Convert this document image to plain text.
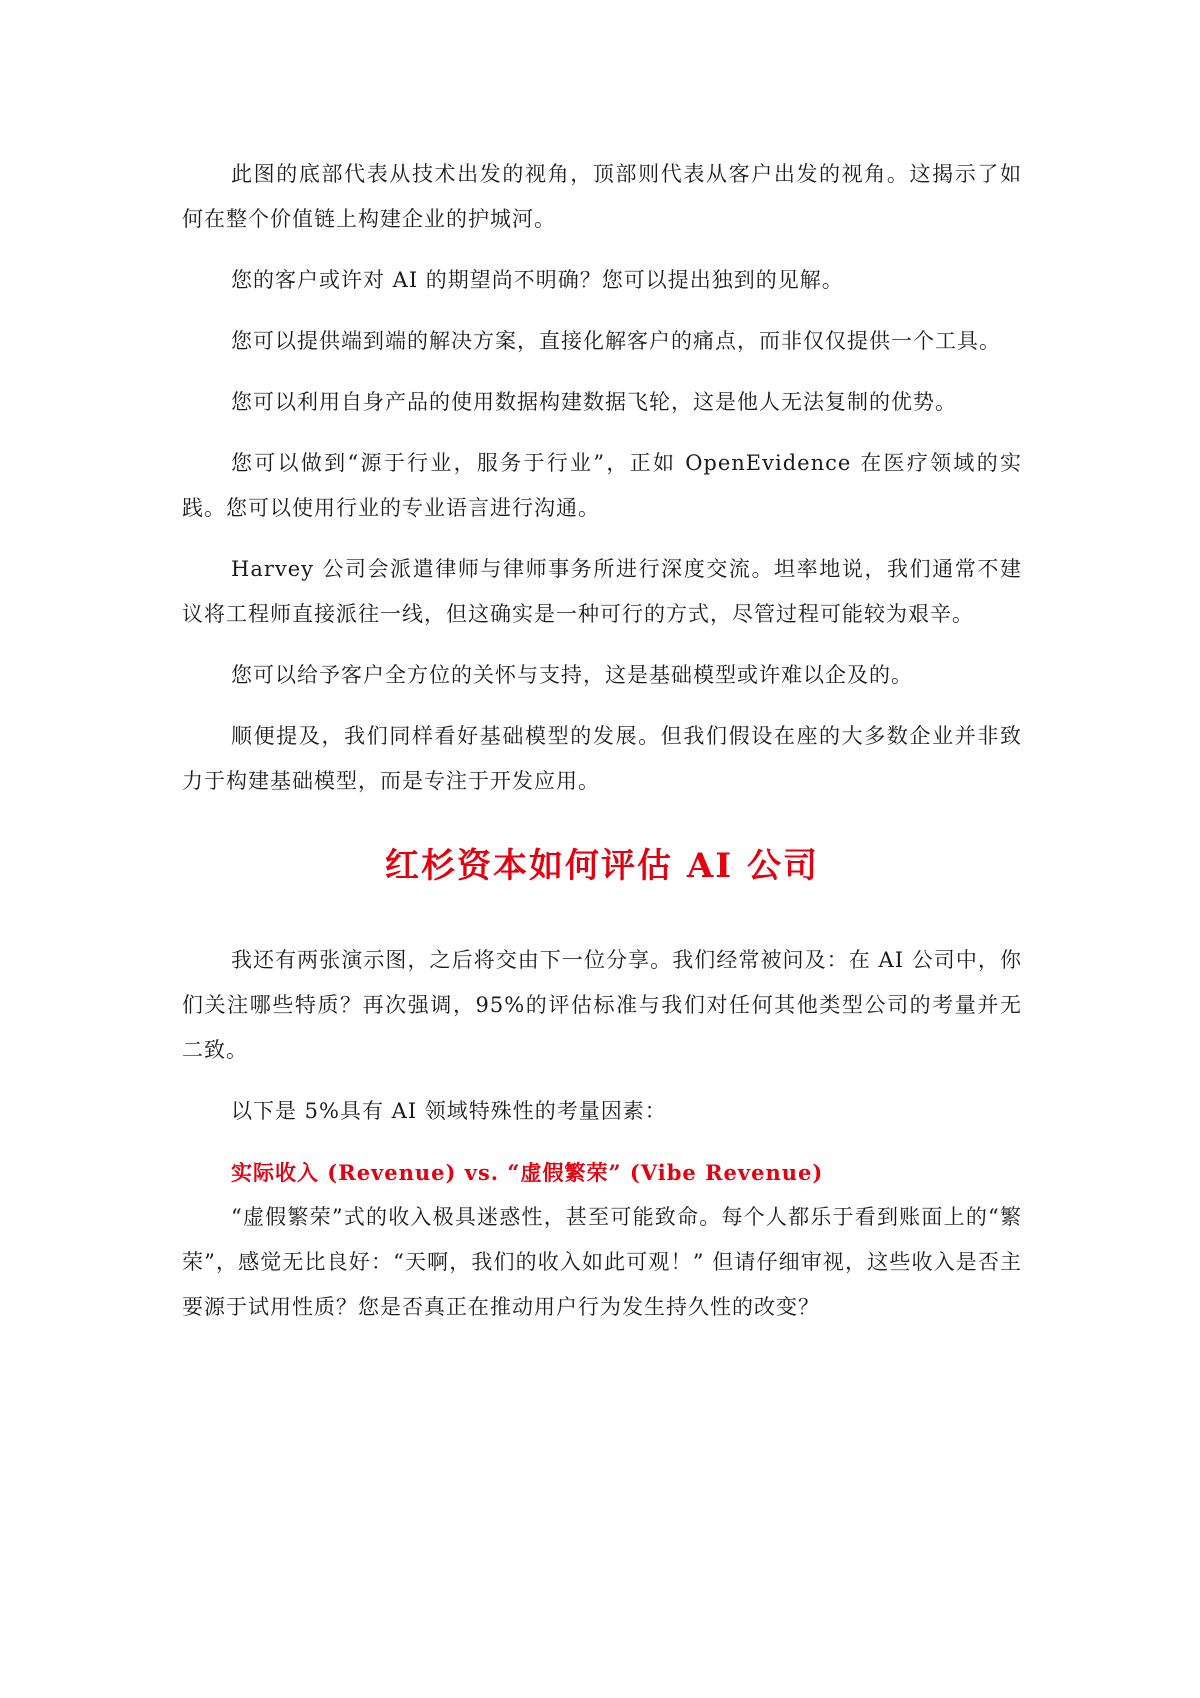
此图的底部代表从技术出发的视角，顶部则代表从客户出发的视角。这揭示了如何在整个价值链上构建企业的护城河。

您的客户或许对 AI 的期望尚不明确？您可以提出独到的见解。

您可以提供端到端的解决方案，直接化解客户的痛点，而非仅仅提供一个工具。

您可以利用自身产品的使用数据构建数据飞轮，这是他人无法复制的优势。

您可以做到“源于行业，服务于行业”，正如 OpenEvidence 在医疗领域的实践。您可以使用行业的专业语言进行沟通。

Harvey 公司会派遣律师与律师事务所进行深度交流。坦率地说，我们通常不建议将工程师直接派往一线，但这确实是一种可行的方式，尽管过程可能较为艰辛。

您可以给予客户全方位的关怀与支持，这是基础模型或许难以企及的。

顺便提及，我们同样看好基础模型的发展。但我们假设在座的大多数企业并非致力于构建基础模型，而是专注于开发应用。

红杉资本如何评估 AI 公司

我还有两张演示图，之后将交由下一位分享。我们经常被问及：在 AI 公司中，你们关注哪些特质？再次强调，95%的评估标准与我们对任何其他类型公司的考量并无二致。

以下是 5%具有 AI 领域特殊性的考量因素：

实际收入 (Revenue) vs. “虚假繁荣” (Vibe Revenue)

“虚假繁荣”式的收入极具迷惑性，甚至可能致命。每个人都乐于看到账面上的“繁荣”，感觉无比良好：“天啊，我们的收入如此可观！” 但请仔细审视，这些收入是否主要源于试用性质？您是否真正在推动用户行为发生持久性的改变？
